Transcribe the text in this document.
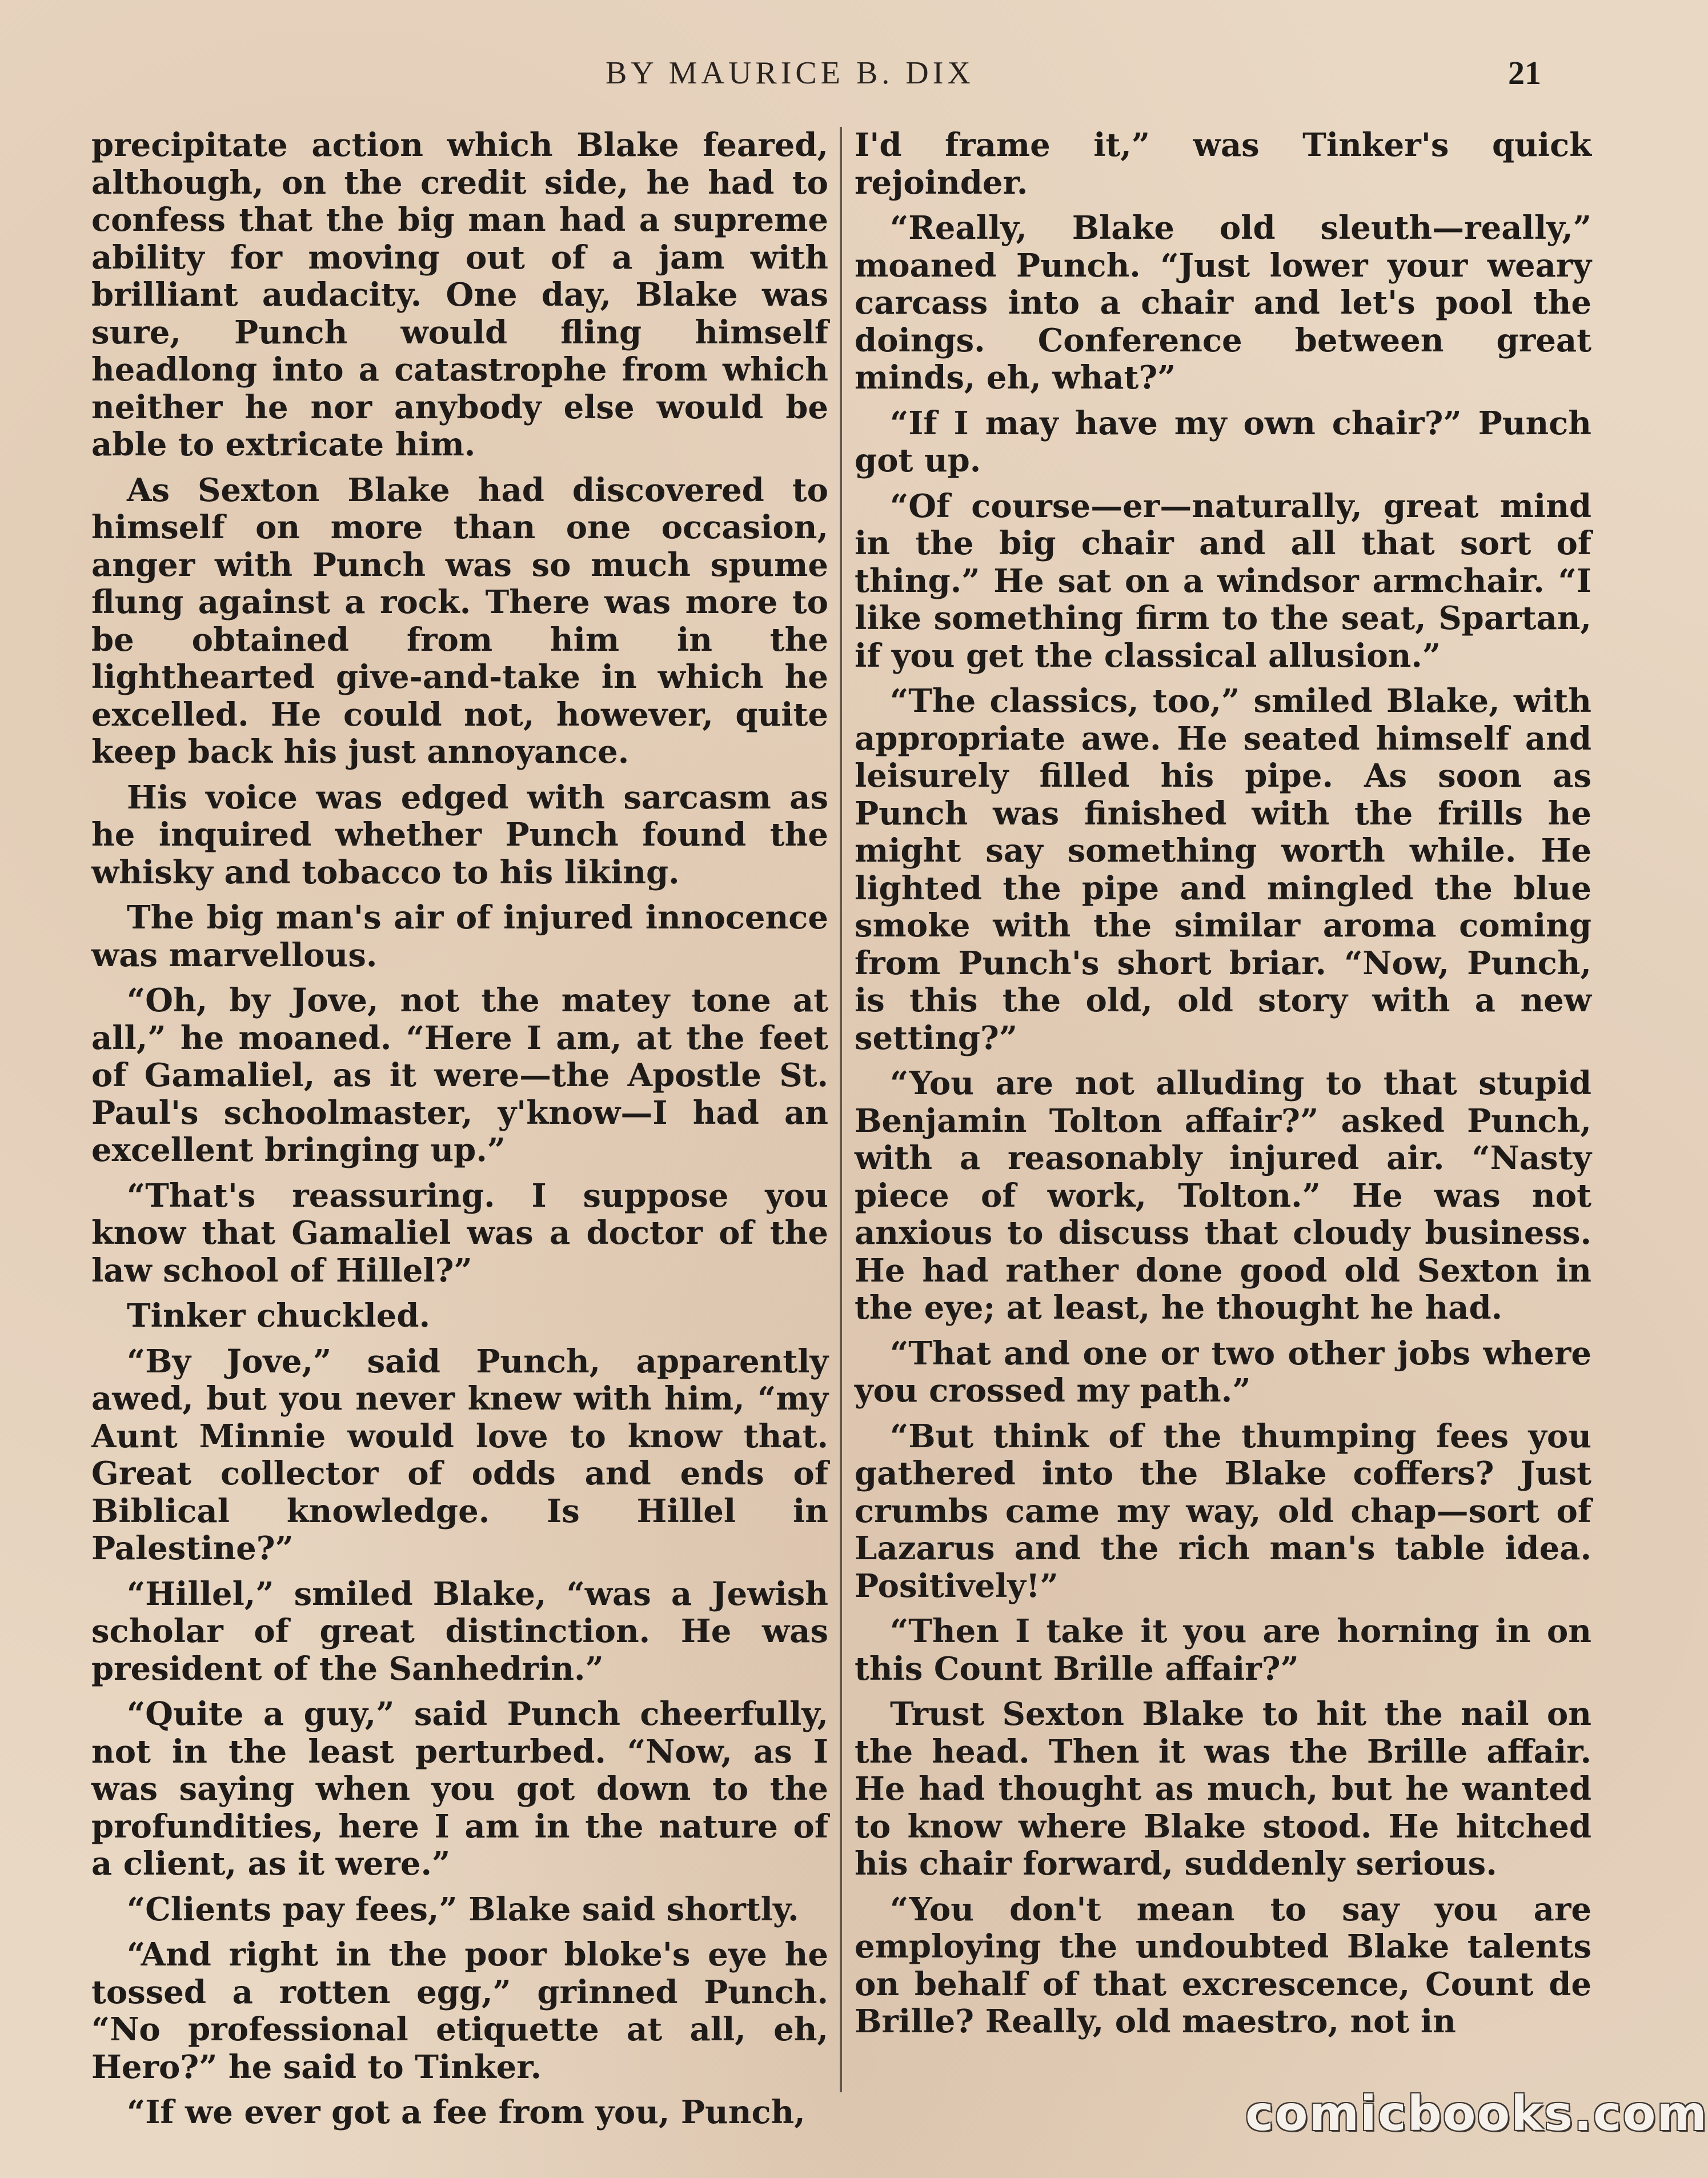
BY MAURICE B. DIX	21

precipitate action which Blake feared, although, on the credit side, he had to confess that the big man had a supreme ability for moving out of a jam with brilliant audacity. One day, Blake was sure, Punch would fling himself headlong into a catastrophe from which neither he nor anybody else would be able to extricate him.

As Sexton Blake had discovered to himself on more than one occasion, anger with Punch was so much spume flung against a rock. There was more to be obtained from him in the lighthearted give-and-take in which he excelled. He could not, however, quite keep back his just annoyance.

His voice was edged with sarcasm as he inquired whether Punch found the whisky and tobacco to his liking.

The big man's air of injured innocence was marvellous.

“Oh, by Jove, not the matey tone at all,” he moaned. “Here I am, at the feet of Gamaliel, as it were—the Apostle St. Paul's schoolmaster, y'know—I had an excellent bringing up.”

“That's reassuring. I suppose you know that Gamaliel was a doctor of the law school of Hillel?”

Tinker chuckled.

“By Jove,” said Punch, apparently awed, but you never knew with him, “my Aunt Minnie would love to know that. Great collector of odds and ends of Biblical knowledge. Is Hillel in Palestine?”

“Hillel,” smiled Blake, “was a Jewish scholar of great distinction. He was president of the Sanhedrin.”

“Quite a guy,” said Punch cheerfully, not in the least perturbed. “Now, as I was saying when you got down to the profundities, here I am in the nature of a client, as it were.”

“Clients pay fees,” Blake said shortly.

“And right in the poor bloke's eye he tossed a rotten egg,” grinned Punch. “No professional etiquette at all, eh, Hero?” he said to Tinker.

“If we ever got a fee from you, Punch,

I'd frame it,” was Tinker's quick rejoinder.

“Really, Blake old sleuth—really,” moaned Punch. “Just lower your weary carcass into a chair and let's pool the doings. Conference between great minds, eh, what?”

“If I may have my own chair?” Punch got up.

“Of course—er—naturally, great mind in the big chair and all that sort of thing.” He sat on a windsor armchair. “I like something firm to the seat, Spartan, if you get the classical allusion.”

“The classics, too,” smiled Blake, with appropriate awe. He seated himself and leisurely filled his pipe. As soon as Punch was finished with the frills he might say something worth while. He lighted the pipe and mingled the blue smoke with the similar aroma coming from Punch's short briar. “Now, Punch, is this the old, old story with a new setting?”

“You are not alluding to that stupid Benjamin Tolton affair?” asked Punch, with a reasonably injured air. “Nasty piece of work, Tolton.” He was not anxious to discuss that cloudy business. He had rather done good old Sexton in the eye; at least, he thought he had.

“That and one or two other jobs where you crossed my path.”

“But think of the thumping fees you gathered into the Blake coffers? Just crumbs came my way, old chap—sort of Lazarus and the rich man's table idea. Positively!”

“Then I take it you are horning in on this Count Brille affair?”

Trust Sexton Blake to hit the nail on the head. Then it was the Brille affair. He had thought as much, but he wanted to know where Blake stood. He hitched his chair forward, suddenly serious.

“You don't mean to say you are employing the undoubted Blake talents on behalf of that excrescence, Count de Brille? Really, old maestro, not in

comicbooks.com
